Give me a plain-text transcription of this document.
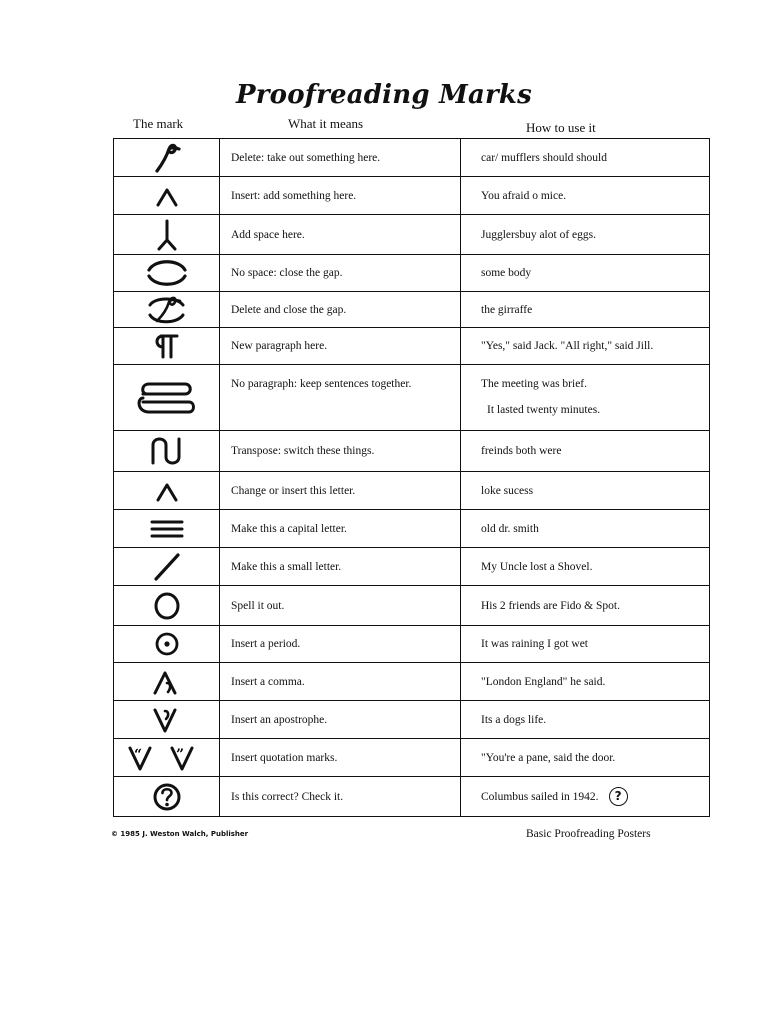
Proofreading Marks
The mark	What it means	How to use it
	Delete: take out something here.	car/ mufflers should should

	Insert: add something here.	You afraid o mice.

	Add space here.	Jugglersbuy alot of eggs.

	No space: close the gap.	some body

	Delete and close the gap.	the girraffe

	New paragraph here.	"Yes," said Jack. "All right," said Jill.

	No paragraph: keep sentences together.	The meeting was brief.
It lasted twenty minutes.

	Transpose: switch these things.	freinds both were

	Change or insert this letter.	loke sucess

	Make this a capital letter.	old dr. smith

	Make this a small letter.	My Uncle lost a Shovel.

	Spell it out.	His 2 friends are Fido & Spot.

	Insert a period.	It was raining I got wet

	Insert a comma.	"London England" he said.

	Insert an apostrophe.	Its a dogs life.

“ ”	Insert quotation marks.	"You're a pane, said the door.

	Is this correct? Check it.	Columbus sailed in 1942. ?
© 1985 J. Weston Walch, Publisher	Basic Proofreading Posters
